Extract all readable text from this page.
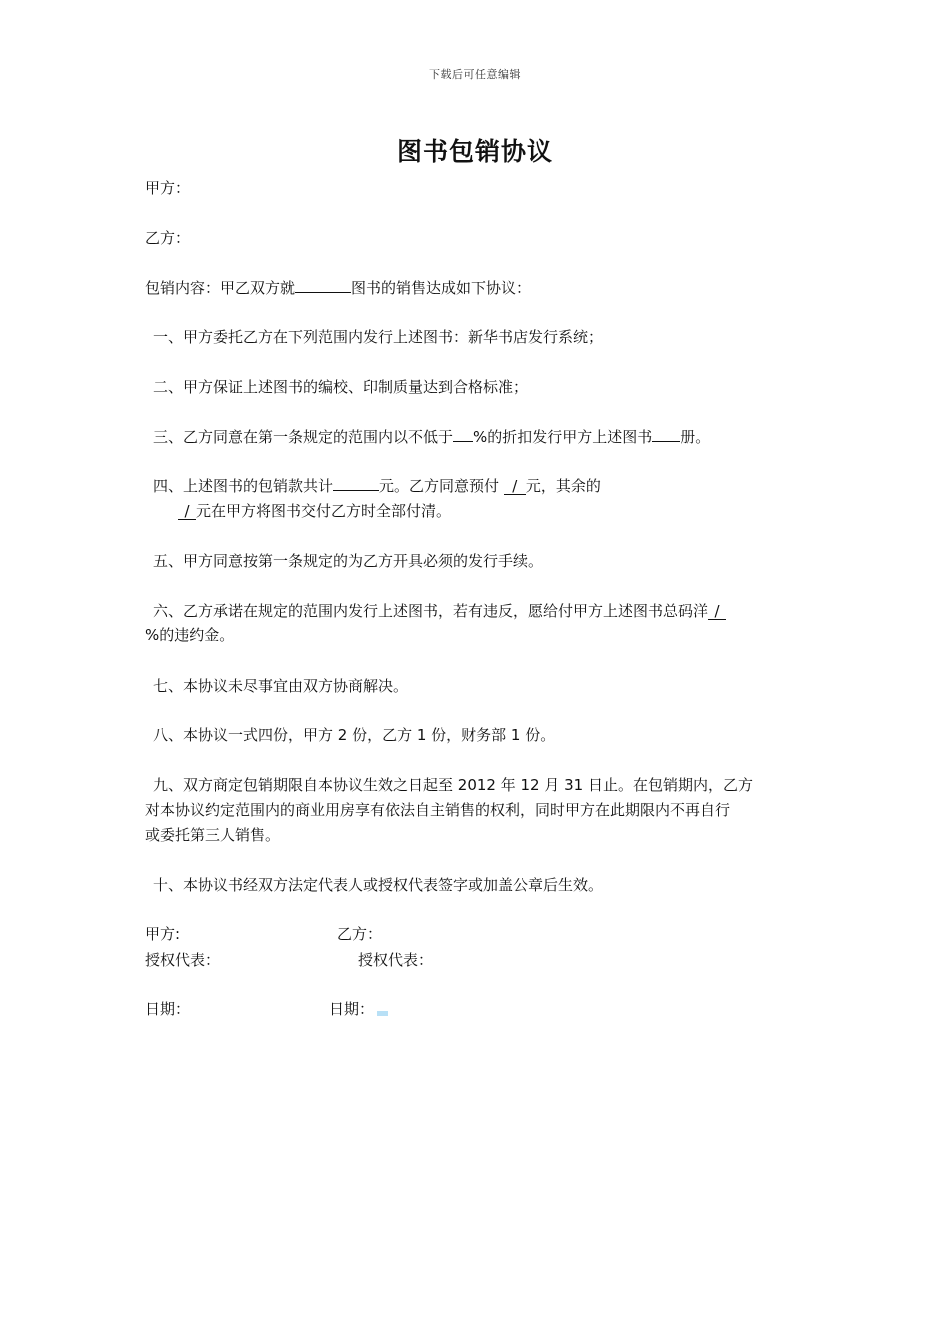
下载后可任意编辑
图书包销协议
甲方：
乙方：
包销内容：甲乙双方就	图书的销售达成如下协议：
一、甲方委托乙方在下列范围内发行上述图书：新华书店发行系统；
二、甲方保证上述图书的编校、印制质量达到合格标准；
三、乙方同意在第一条规定的范围内以不低于 %的折扣发行甲方上述图书 册。
四、上述图书的包销款共计	元。乙方同意预付 / 元，其余的
/ 元在甲方将图书交付乙方时全部付清。
五、甲方同意按第一条规定的为乙方开具必须的发行手续。
六、乙方承诺在规定的范围内发行上述图书，若有违反，愿给付甲方上述图书总码洋 /
%的违约金。
七、本协议未尽事宜由双方协商解决。
八、本协议一式四份，甲方 2 份，乙方 1 份，财务部 1 份。
九、双方商定包销期限自本协议生效之日起至 2012 年 12 月 31 日止。在包销期内，乙方
对本协议约定范围内的商业用房享有依法自主销售的权利，同时甲方在此期限内不再自行
或委托第三人销售。
十、本协议书经双方法定代表人或授权代表签字或加盖公章后生效。
甲方:	乙方：
授权代表：	授权代表：
日期：	日期：
